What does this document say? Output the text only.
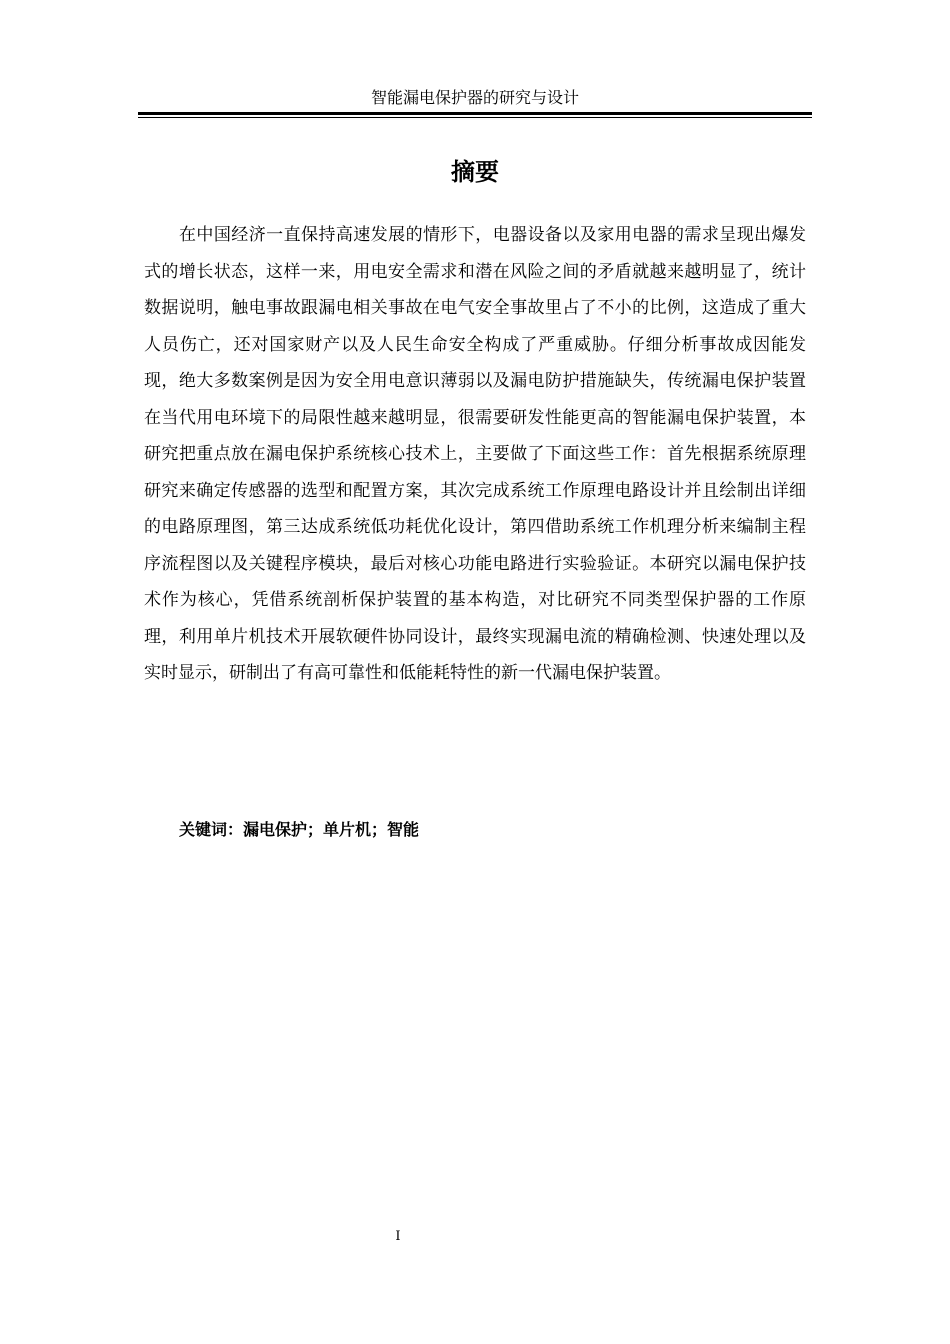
智能漏电保护器的研究与设计
摘要

在中国经济一直保持高速发展的情形下，电器设备以及家用电器的需求呈现出爆发式的增长状态，这样一来，用电安全需求和潜在风险之间的矛盾就越来越明显了，统计数据说明，触电事故跟漏电相关事故在电气安全事故里占了不小的比例，这造成了重大人员伤亡，还对国家财产以及人民生命安全构成了严重威胁。仔细分析事故成因能发现，绝大多数案例是因为安全用电意识薄弱以及漏电防护措施缺失，传统漏电保护装置在当代用电环境下的局限性越来越明显，很需要研发性能更高的智能漏电保护装置，本研究把重点放在漏电保护系统核心技术上，主要做了下面这些工作：首先根据系统原理研究来确定传感器的选型和配置方案，其次完成系统工作原理电路设计并且绘制出详细的电路原理图，第三达成系统低功耗优化设计，第四借助系统工作机理分析来编制主程序流程图以及关键程序模块，最后对核心功能电路进行实验验证。本研究以漏电保护技术作为核心，凭借系统剖析保护装置的基本构造，对比研究不同类型保护器的工作原理，利用单片机技术开展软硬件协同设计，最终实现漏电流的精确检测、快速处理以及实时显示，研制出了有高可靠性和低能耗特性的新一代漏电保护装置。

关键词：漏电保护；单片机；智能
I
